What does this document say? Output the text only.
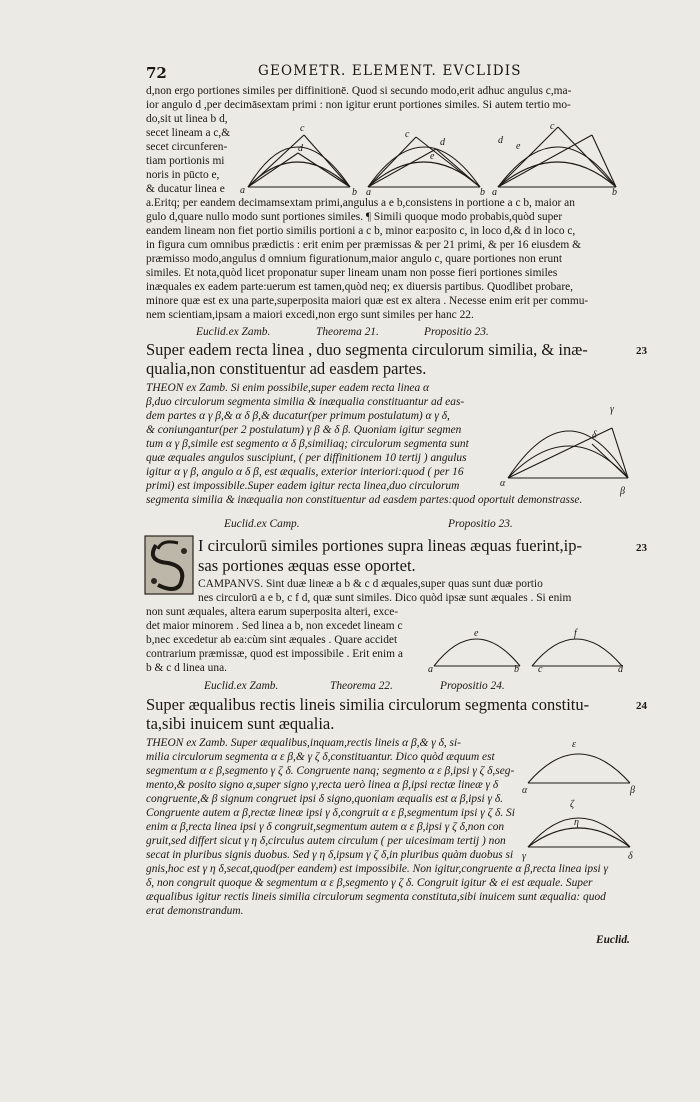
72	GEOMETR. ELEMENT. EVCLIDIS
d,non ergo portiones similes per diffinitionē. Quod si secundo modo,erit adhuc angulus c,ma-
ior angulo d ,per decimāsextam primi : non igitur erunt portiones similes. Si autem tertio mo-
do,sit ut linea b d,
secet lineam a c,&
secet circunferen-
tiam portionis mi
noris in pūcto e,
& ducatur linea e
a.Eritq; per eandem decimamsextam primi,angulus a e b,consistens in portione a c b, maior an
gulo d,quare nullo modo sunt portiones similes. ¶ Simili quoque modo probabis,quòd super
eandem lineam non fiet portio similis portioni a c b, minor ea:posito c, in loco d,& d in loco c,
in figura cum omnibus prædictis : erit enim per præmissas & per 21 primi, & per 16 eiusdem &
præmisso modo,angulus d omnium figurationum,maior angulo c, quare portiones non erunt
similes. Et nota,quòd licet proponatur super lineam unam non posse fieri portiones similes
inæquales ex eadem parte:uerum est tamen,quòd neq; ex diuersis partibus. Quodlibet probare,
minore quæ est ex una parte,superposita maiori quæ est ex altera . Necesse enim erit per commu-
nem scientiam,ipsam a maiori excedi,non ergo sunt similes per hanc 22.
a
c
d
b a
c
d
e
b a
c
d
e
b
Euclid.ex Zamb.	Theorema 21.	Propositio 23.
Super eadem recta linea , duo segmenta circulorum similia, & inæ-
qualia,non constituentur ad easdem partes.
23
THEON ex Zamb. Si enim possibile,super eadem recta linea α
β,duo circulorum segmenta similia & inæqualia constituantur ad eas-
dem partes α γ β,& α δ β,& ducatur(per primum postulatum) α γ δ,
& coniungantur(per 2 postulatum) γ β & δ β. Quoniam igitur segmen
tum α γ β,simile est segmento α δ β,similiaq; circulorum segmenta sunt
quæ æquales angulos suscipiunt, ( per diffinitionem 10 tertij ) angulus
igitur α γ β, angulo α δ β, est æqualis, exterior interiori:quod ( per 16
primi) est impossibile.Super eadem igitur recta linea,duo circulorum
segmenta similia & inæqualia non constituentur ad easdem partes:quod oportuit demonstrasse.
γ
α
δ
β
Euclid.ex Camp.	Propositio 23.
I circulorū similes portiones supra lineas æquas fuerint,ip-
sas portiones æquas esse oportet.
23
CAMPANVS. Sint duæ lineæ a b & c d æquales,super quas sunt duæ portio
nes circulorū a e b, c f d, quæ sunt similes. Dico quòd ipsæ sunt æquales . Si enim
non sunt æquales, altera earum superposita alteri, exce-
det maior minorem . Sed linea a b, non excedet lineam c
b,nec excedetur ab ea:cùm sint æquales . Quare accidet
contrarium præmissæ, quod est impossibile . Erit enim a
b & c d linea una.	a
e
b c
f
d
Euclid.ex Zamb.	Theorema 22.	Propositio 24.
Super æqualibus rectis lineis similia circulorum segmenta constitu-
ta,sibi inuicem sunt æqualia.
24
THEON ex Zamb. Super æqualibus,inquam,rectis lineis α β,& γ δ, si-
milia circulorum segmenta α ε β,& γ ζ δ,constituantur. Dico quòd æquum est
segmentum α ε β,segmento γ ζ δ. Congruente nanq; segmento α ε β,ipsi γ ζ δ,seg-
mento,& posito signo α,super signo γ,recta uerò linea α β,ipsi rectæ lineæ γ δ
congruente,& β signum congruet ipsi δ signo,quoniam æqualis est α β,ipsi γ δ.
Congruente autem α β,rectæ lineæ ipsi γ δ,congruit α ε β,segmentum ipsi γ ζ δ. Si
enim α β,recta linea ipsi γ δ congruit,segmentum autem α ε β,ipsi γ ζ δ,non con
gruit,sed differt sicut γ η δ,circulus autem circulum ( per uicesimam tertij ) non
secat in pluribus signis duobus. Sed γ η δ,ipsum γ ζ δ,in pluribus quàm duobus si
gnis,hoc est γ η δ,secat,quod(per eandem) est impossibile. Non igitur,congruente α β,recta linea ipsi γ
δ, non congruit quoque & segmentum α ε β,segmento γ ζ δ. Congruit igitur & ei est æquale. Super
æqualibus igitur rectis lineis similia circulorum segmenta constituta,sibi inuicem sunt æqualia: quod
erat demonstrandum.
α
ε
β
γ
ζ
η
δ
Euclid.
